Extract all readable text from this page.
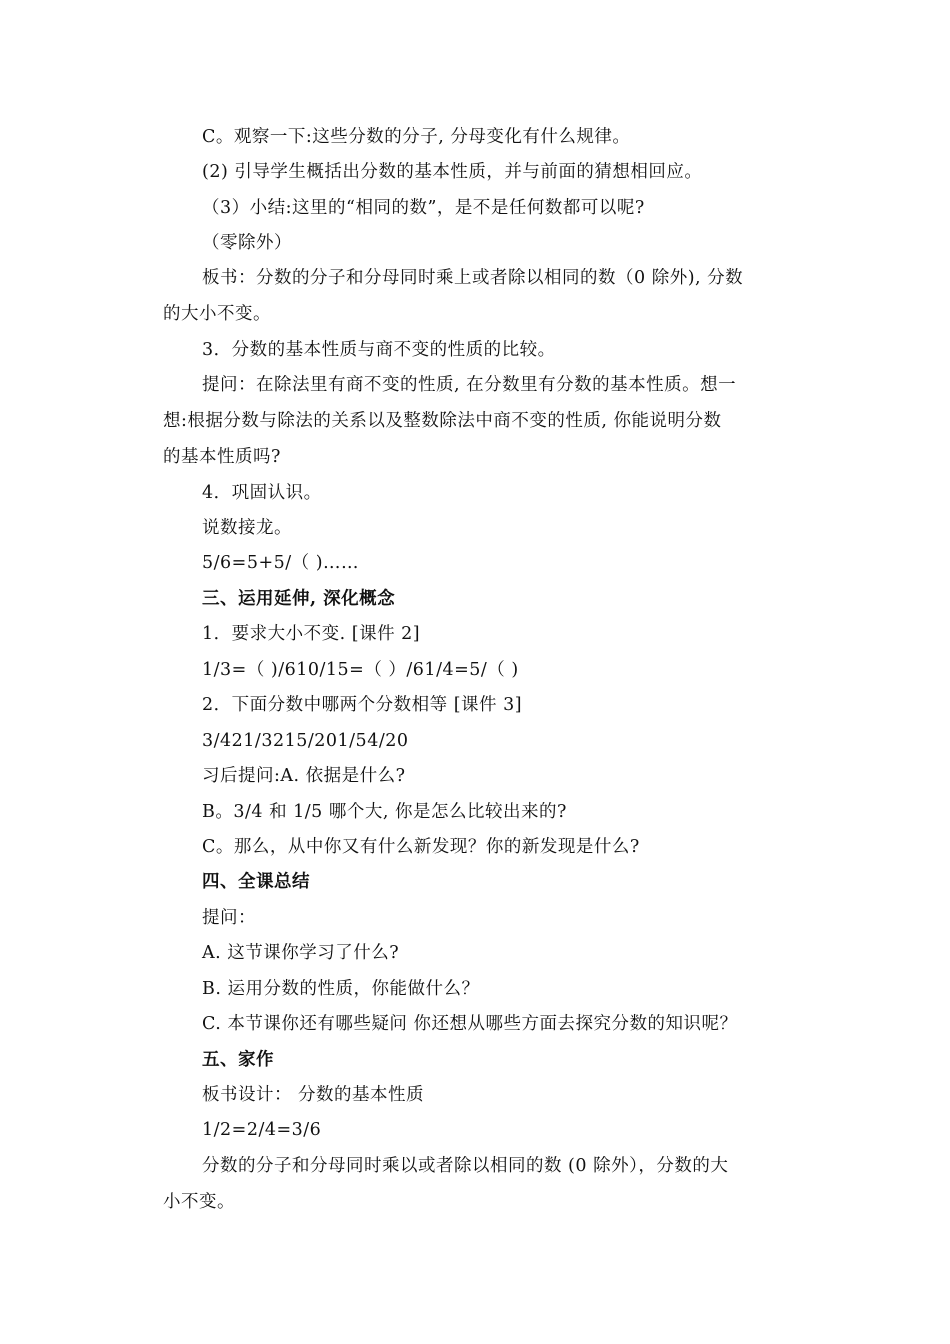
C。观察一下:这些分数的分子, 分母变化有什么规律。
(2) 引导学生概括出分数的基本性质，并与前面的猜想相回应。
（3）小结:这里的“相同的数”，是不是任何数都可以呢?
（零除外）
板书：分数的分子和分母同时乘上或者除以相同的数（0 除外), 分数
的大小不变。
3．分数的基本性质与商不变的性质的比较。
提问：在除法里有商不变的性质, 在分数里有分数的基本性质。想一
想:根据分数与除法的关系以及整数除法中商不变的性质, 你能说明分数
的基本性质吗?
4．巩固认识。
说数接龙。
5/6=5+5/（ )……
三、运用延伸, 深化概念
1．要求大小不变. [课件 2]
1/3=（ )/610/15=（ ）/61/4=5/（ )
2．下面分数中哪两个分数相等 [课件 3]
3/421/3215/201/54/20
习后提问:A. 依据是什么?
B。3/4 和 1/5 哪个大, 你是怎么比较出来的?
C。那么，从中你又有什么新发现？你的新发现是什么?
四、全课总结
提问：
A. 这节课你学习了什么?
B. 运用分数的性质，你能做什么？
C. 本节课你还有哪些疑问 你还想从哪些方面去探究分数的知识呢？
五、家作
板书设计： 分数的基本性质
1/2=2/4=3/6
分数的分子和分母同时乘以或者除以相同的数 (0 除外），分数的大
小不变。
